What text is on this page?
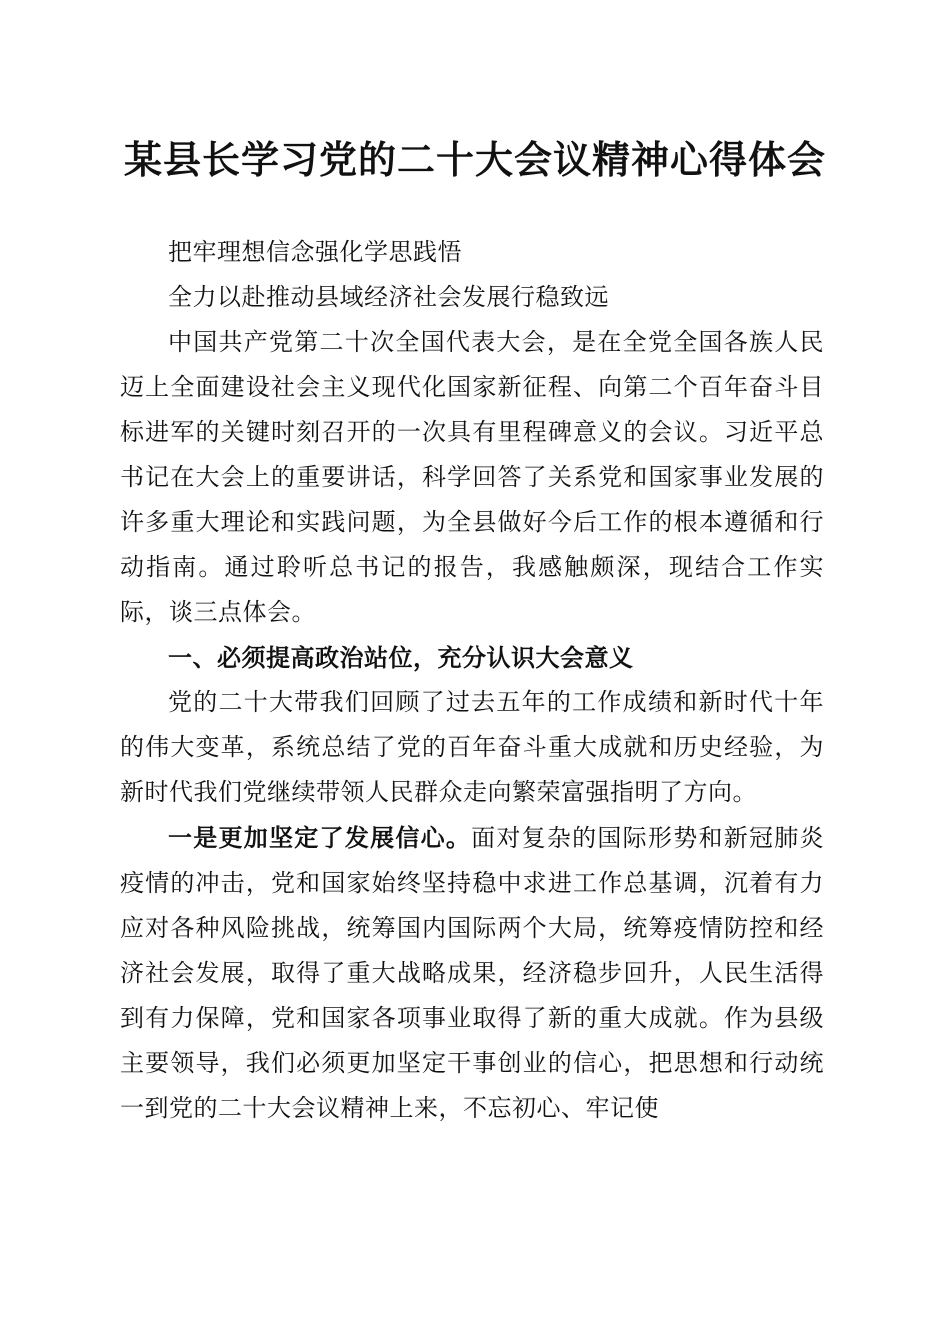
某县长学习党的二十大会议精神心得体会

把牢理想信念强化学思践悟

全力以赴推动县域经济社会发展行稳致远

中国共产党第二十次全国代表大会，是在全党全国各族人民迈上全面建设社会主义现代化国家新征程、向第二个百年奋斗目标进军的关键时刻召开的一次具有里程碑意义的会议。习近平总书记在大会上的重要讲话，科学回答了关系党和国家事业发展的许多重大理论和实践问题，为全县做好今后工作的根本遵循和行动指南。通过聆听总书记的报告，我感触颇深，现结合工作实际，谈三点体会。

一、必须提高政治站位，充分认识大会意义

党的二十大带我们回顾了过去五年的工作成绩和新时代十年的伟大变革，系统总结了党的百年奋斗重大成就和历史经验，为新时代我们党继续带领人民群众走向繁荣富强指明了方向。

一是更加坚定了发展信心。面对复杂的国际形势和新冠肺炎疫情的冲击，党和国家始终坚持稳中求进工作总基调，沉着有力应对各种风险挑战，统筹国内国际两个大局，统筹疫情防控和经济社会发展，取得了重大战略成果，经济稳步回升，人民生活得到有力保障，党和国家各项事业取得了新的重大成就。作为县级主要领导，我们必须更加坚定干事创业的信心，把思想和行动统一到党的二十大会议精神上来，不忘初心、牢记使
